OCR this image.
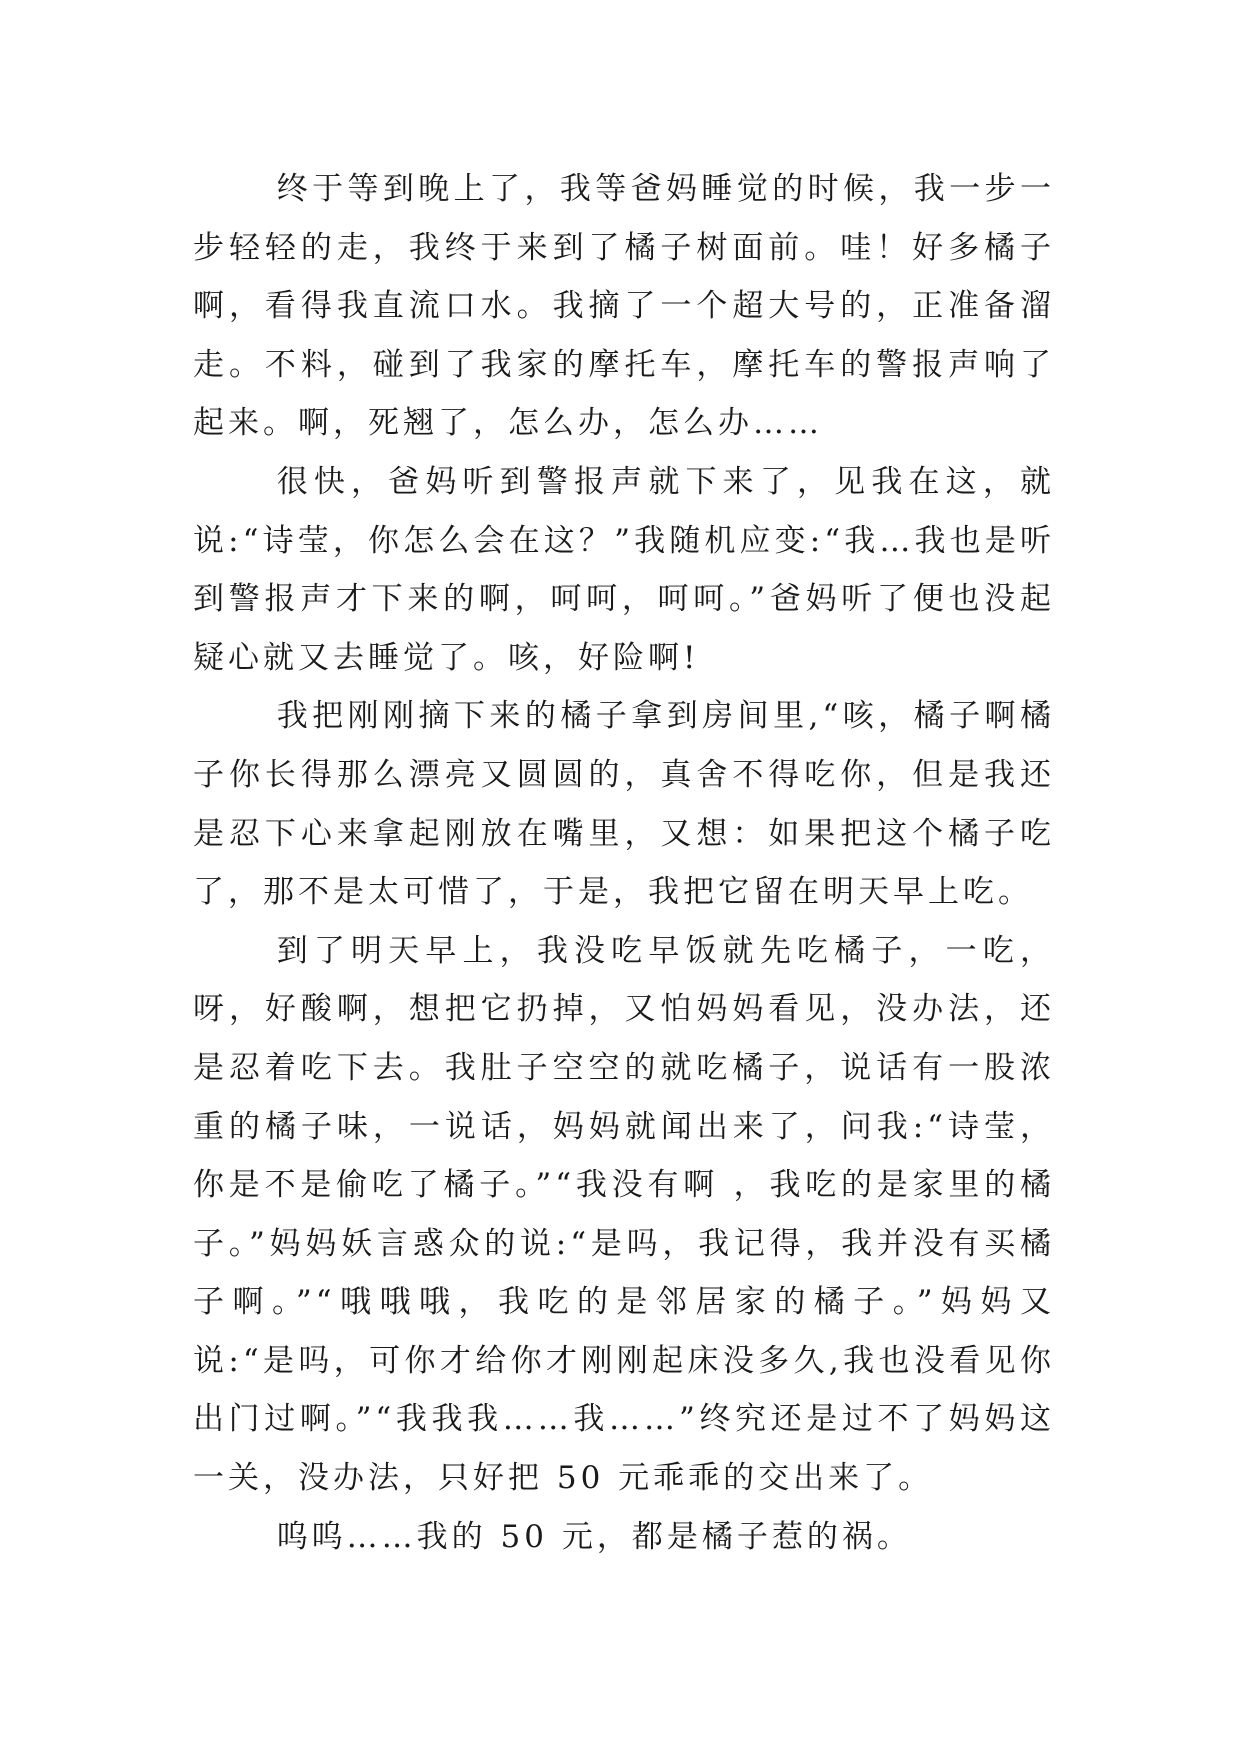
终于等到晚上了，我等爸妈睡觉的时候，我一步一步轻轻的走，我终于来到了橘子树面前。哇！好多橘子啊，看得我直流口水。我摘了一个超大号的，正准备溜走。不料，碰到了我家的摩托车，摩托车的警报声响了起来。啊，死翘了，怎么办，怎么办……

很快，爸妈听到警报声就下来了，见我在这，就说:“诗莹，你怎么会在这？”我随机应变:“我…我也是听到警报声才下来的啊，呵呵，呵呵。”爸妈听了便也没起疑心就又去睡觉了。咳，好险啊!

我把刚刚摘下来的橘子拿到房间里,“咳，橘子啊橘子你长得那么漂亮又圆圆的，真舍不得吃你，但是我还是忍下心来拿起刚放在嘴里，又想：如果把这个橘子吃了，那不是太可惜了，于是，我把它留在明天早上吃。

到了明天早上，我没吃早饭就先吃橘子，一吃，呀，好酸啊，想把它扔掉，又怕妈妈看见，没办法，还是忍着吃下去。我肚子空空的就吃橘子，说话有一股浓重的橘子味，一说话，妈妈就闻出来了，问我:“诗莹，你是不是偷吃了橘子。”“我没有啊 ，我吃的是家里的橘子。”妈妈妖言惑众的说:“是吗，我记得，我并没有买橘子啊。”“哦哦哦，我吃的是邻居家的橘子。”妈妈又说:“是吗，可你才给你才刚刚起床没多久,我也没看见你出门过啊。”“我我我……我……”终究还是过不了妈妈这一关，没办法，只好把 50 元乖乖的交出来了。

呜呜……我的 50 元，都是橘子惹的祸。
